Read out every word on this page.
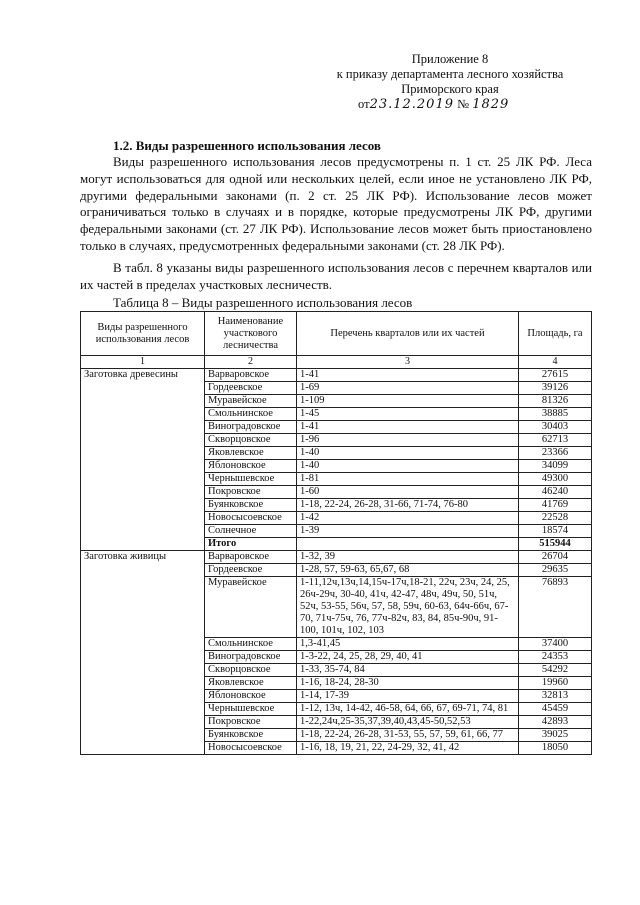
Приложение 8
к приказу департамента лесного хозяйства
Приморского края
от23.12.2019 № 1829
1.2. Виды разрешенного использования лесов

Виды разрешенного использования лесов предусмотрены п. 1 ст. 25 ЛК РФ. Леса могут использоваться для одной или нескольких целей, если иное не установлено ЛК РФ, другими федеральными законами (п. 2 ст. 25 ЛК РФ). Использование лесов может ограничиваться только в случаях и в порядке, которые предусмотрены ЛК РФ, другими федеральными законами (ст. 27 ЛК РФ). Использование лесов может быть приостановлено только в случаях, предусмотренных федеральными законами (ст. 28 ЛК РФ).

В табл. 8 указаны виды разрешенного использования лесов с перечнем кварталов или их частей в пределах участковых лесничеств.

Таблица 8 – Виды разрешенного использования лесов
Виды разрешенного использования лесов	Наименование участкового лесничества	Перечень кварталов или их частей	Площадь, га
1	2	3	4
Заготовка древесины	Варваровское	1-41	27615
	Гордеевское	1-69	39126
	Муравейское	1-109	81326
	Смольнинское	1-45	38885
	Виноградовское	1-41	30403
	Скворцовское	1-96	62713
	Яковлевское	1-40	23366
	Яблоновское	1-40	34099
	Чернышевское	1-81	49300
	Покровское	1-60	46240
	Буянковское	1-18, 22-24, 26-28, 31-66, 71-74, 76-80	41769
	Новосысоевское	1-42	22528
	Солнечное	1-39	18574
	Итого		515944
Заготовка живицы	Варваровское	1-32, 39	26704
	Гордеевское	1-28, 57, 59-63, 65,67, 68	29635
	Муравейское	1-11,12ч,13ч,14,15ч-17ч,18-21, 22ч, 23ч, 24, 25, 26ч-29ч, 30-40, 41ч, 42-47, 48ч, 49ч, 50, 51ч, 52ч, 53-55, 56ч, 57, 58, 59ч, 60-63, 64ч-66ч, 67-70, 71ч-75ч, 76, 77ч-82ч, 83, 84, 85ч-90ч, 91-100, 101ч, 102, 103	76893
	Смольнинское	1,3-41,45	37400
	Виноградовское	1-3-22, 24, 25, 28, 29, 40, 41	24353
	Скворцовское	1-33, 35-74, 84	54292
	Яковлевское	1-16, 18-24, 28-30	19960
	Яблоновское	1-14, 17-39	32813
	Чернышевское	1-12, 13ч, 14-42, 46-58, 64, 66, 67, 69-71, 74, 81	45459
	Покровское	1-22,24ч,25-35,37,39,40,43,45-50,52,53	42893
	Буянковское	1-18, 22-24, 26-28, 31-53, 55, 57, 59, 61, 66, 77	39025
	Новосысоевское	1-16, 18, 19, 21, 22, 24-29, 32, 41, 42	18050
